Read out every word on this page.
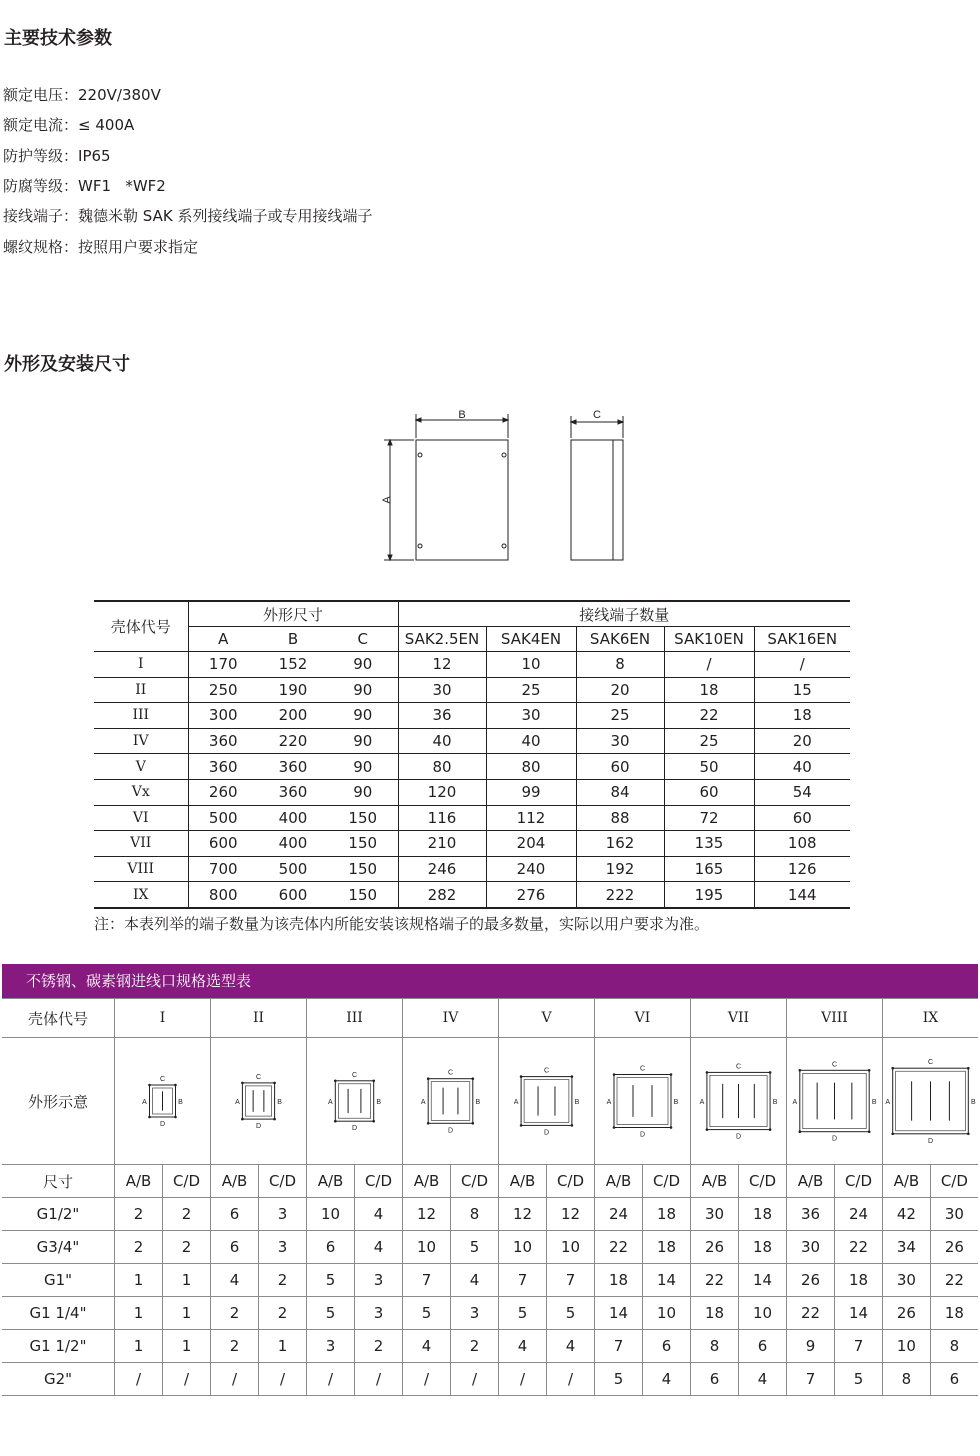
主要技术参数
额定电压：220V/380V
额定电流：≤ 400A
防护等级：IP65
防腐等级：WF1   *WF2
接线端子：魏德米勒 SAK 系列接线端子或专用接线端子
螺纹规格：按照用户要求指定
外形及安装尺寸
B	C
A
壳体代号	外形尺寸			接线端子数量				
	A	B	C	SAK2.5EN	SAK4EN	SAK6EN	SAK10EN	SAK16EN
I	170	152	90	12	10	8	/	/
II	250	190	90	30	25	20	18	15
III	300	200	90	36	30	25	22	18
IV	360	220	90	40	40	30	25	20
V	360	360	90	80	80	60	50	40
Vx	260	360	90	120	99	84	60	54
VI	500	400	150	116	112	88	72	60
VII	600	400	150	210	204	162	135	108
VIII	700	500	150	246	240	192	165	126
IX	800	600	150	282	276	222	195	144
注：本表列举的端子数量为该壳体内所能安装该规格端子的最多数量，实际以用户要求为准。
不锈钢、碳素钢进线口规格选型表
壳体代号	I		II		III		IV		V		VI		VII		VIII		IX	
外形示意	C
D
A B		C
D
A B		C
D
A B		C
D
A B		C
D
A B		C
D
A B		C
D
A B		C
D
A B		C
D
A B	

尺寸	A/B	C/D	A/B	C/D	A/B	C/D	A/B	C/D	A/B	C/D	A/B	C/D	A/B	C/D	A/B	C/D	A/B	C/D
G1/2"	2	2	6	3	10	4	12	8	12	12	24	18	30	18	36	24	42	30
G3/4"	2	2	6	3	6	4	10	5	10	10	22	18	26	18	30	22	34	26
G1"	1	1	4	2	5	3	7	4	7	7	18	14	22	14	26	18	30	22
G1 1/4"	1	1	2	2	5	3	5	3	5	5	14	10	18	10	22	14	26	18
G1 1/2"	1	1	2	1	3	2	4	2	4	4	7	6	8	6	9	7	10	8
G2"	/	/	/	/	/	/	/	/	/	/	5	4	6	4	7	5	8	6
